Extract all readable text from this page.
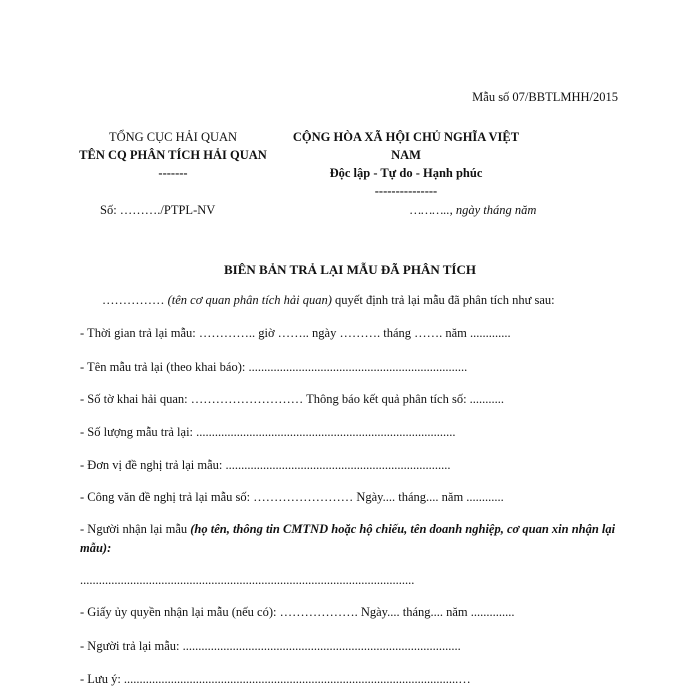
Mẫu số 07/BBTLMHH/2015
TỔNG CỤC HẢI QUAN
TÊN CQ PHÂN TÍCH HẢI QUAN
-------
CỘNG HÒA XÃ HỘI CHỦ NGHĨA VIỆT NAM
Độc lập - Tự do - Hạnh phúc
---------------
Số: ………./PTPL-NV	……….., ngày tháng năm
BIÊN BẢN TRẢ LẠI MẪU ĐÃ PHÂN TÍCH
…………… (tên cơ quan phân tích hải quan) quyết định trả lại mẫu đã phân tích như sau:
- Thời gian trả lại mẫu: ………….. giờ …….. ngày ………. tháng ……. năm .............
- Tên mẫu trả lại (theo khai báo): ......................................................................
- Số tờ khai hải quan: ……………………… Thông báo kết quả phân tích số: ...........
- Số lượng mẫu trả lại: ...................................................................................
- Đơn vị đề nghị trả lại mẫu: ........................................................................
- Công văn đề nghị trả lại mẫu số: …………………… Ngày.... tháng.... năm ............
- Người nhận lại mẫu (họ tên, thông tin CMTND hoặc hộ chiếu, tên doanh nghiệp, cơ quan xin nhận lại mẫu):
...........................................................................................................
- Giấy ủy quyền nhận lại mẫu (nếu có): ………………. Ngày.... tháng.... năm ..............
- Người trả lại mẫu: .........................................................................................
- Lưu ý: ...........................................................................................................…
